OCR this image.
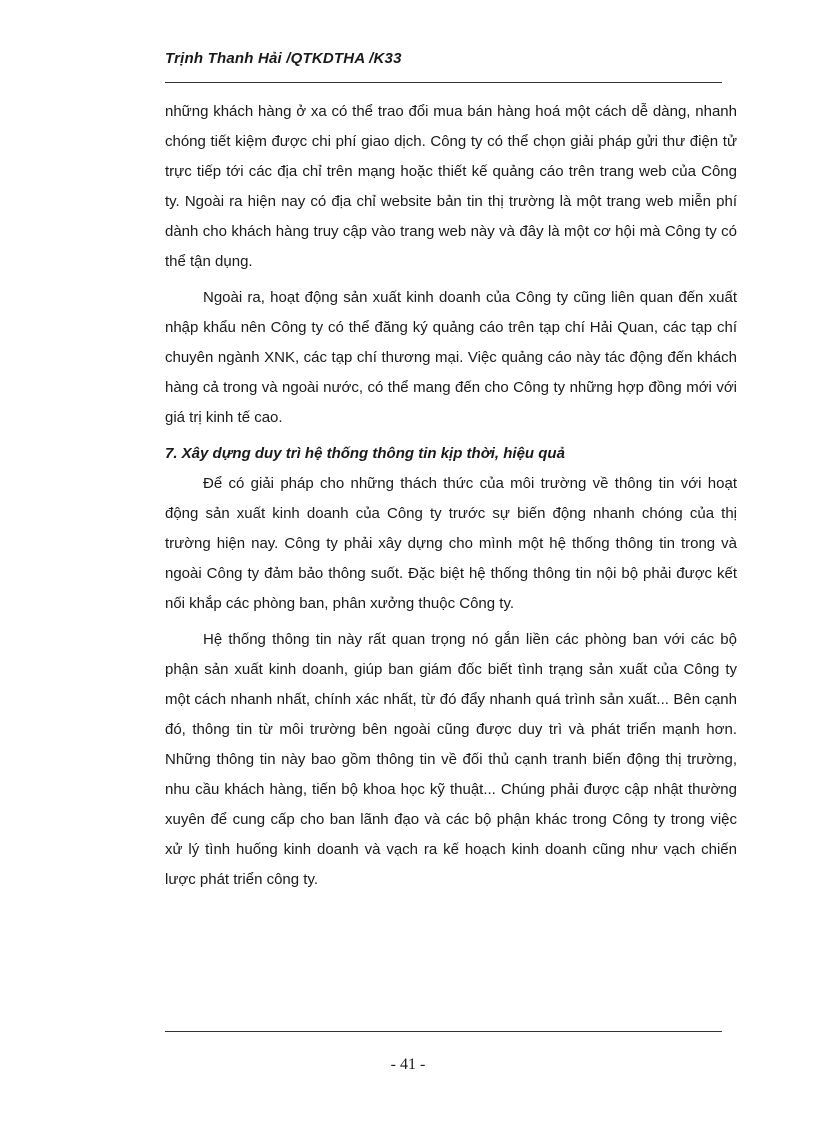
Trịnh Thanh Hải /QTKDTHA /K33

những khách hàng ở xa có thể trao đổi mua bán hàng hoá một cách dễ dàng, nhanh chóng tiết kiệm được chi phí giao dịch. Công ty có thể chọn giải pháp gửi thư điện tử trực tiếp tới các địa chỉ trên mạng hoặc thiết kế quảng cáo trên trang web của Công ty. Ngoài ra hiện nay có địa chỉ website bản tin thị trường là một trang web miễn phí dành cho khách hàng truy cập vào trang web này và đây là một cơ hội mà Công ty có thể tận dụng.

Ngoài ra, hoạt động sản xuất kinh doanh của Công ty cũng liên quan đến xuất nhập khẩu nên Công ty có thể đăng ký quảng cáo trên tạp chí Hải Quan, các tạp chí chuyên ngành XNK, các tạp chí thương mại. Việc quảng cáo này tác động đến khách hàng cả trong và ngoài nước, có thể mang đến cho Công ty những hợp đồng mới với giá trị kinh tế cao.

7. Xây dựng duy trì hệ thống thông tin kịp thời, hiệu quả

Để có giải pháp cho những thách thức của môi trường về thông tin với hoạt động sản xuất kinh doanh của Công ty trước sự biến động nhanh chóng của thị trường hiện nay. Công ty phải xây dựng cho mình một hệ thống thông tin trong và ngoài Công ty đảm bảo thông suốt. Đặc biệt hệ thống thông tin nội bộ phải được kết nối khắp các phòng ban, phân xưởng thuộc Công ty.

Hệ thống thông tin này rất quan trọng nó gắn liền các phòng ban với các bộ phận sản xuất kinh doanh, giúp ban giám đốc biết tình trạng sản xuất của Công ty một cách nhanh nhất, chính xác nhất, từ đó đẩy nhanh quá trình sản xuất... Bên cạnh đó, thông tin từ môi trường bên ngoài cũng được duy trì và phát triển mạnh hơn. Những thông tin này bao gồm thông tin về đối thủ cạnh tranh biến động thị trường, nhu cầu khách hàng, tiến bộ khoa học kỹ thuật... Chúng phải được cập nhật thường xuyên để cung cấp cho ban lãnh đạo và các bộ phận khác trong Công ty trong việc xử lý tình huống kinh doanh và vạch ra kế hoạch kinh doanh cũng như vạch chiến lược phát triển công ty.

- 41 -
